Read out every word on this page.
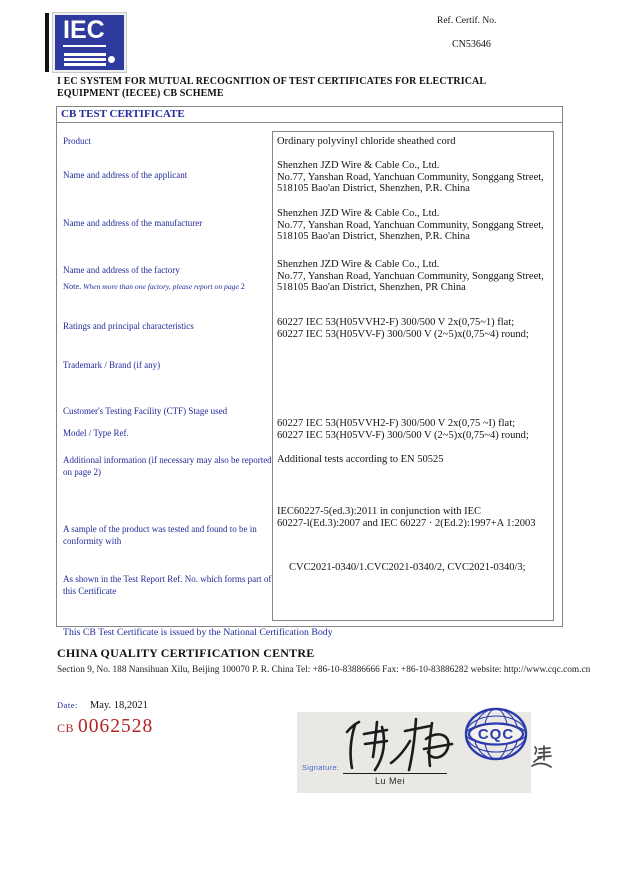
IEC	Ref. Certif. No.
CN53646
I EC SYSTEM FOR MUTUAL RECOGNITION OF TEST CERTIFICATES FOR ELECTRICAL EQUIPMENT (IECEE) CB SCHEME
CB TEST CERTIFICATE
Product
Name and address of the applicant
Name and address of the manufacturer
Name and address of the factory
Note. When more than one factory, please report on page 2
Ratings and principal characteristics
Trademark / Brand (if any)
Customer's Testing Facility (CTF) Stage used
Model / Type Ref.
Additional information (if necessary may also be reported on page 2)
A sample of the product was tested and found to be in conformity with
As shown in the Test Report Ref. No. which forms part of this Certificate
Ordinary polyvinyl chloride sheathed cord
Shenzhen JZD Wire & Cable Co., Ltd.
No.77, Yanshan Road, Yanchuan Community, Songgang Street,
518105 Bao'an District, Shenzhen, P.R. China
Shenzhen JZD Wire & Cable Co., Ltd.
No.77, Yanshan Road, Yanchuan Community, Songgang Street,
518105 Bao'an District, Shenzhen, P.R. China
Shenzhen JZD Wire & Cable Co., Ltd.
No.77, Yanshan Road, Yanchuan Community, Songgang Street,
518105 Bao'an District, Shenzhen, PR China
60227 IEC 53(H05VVH2-F) 300/500 V 2x(0,75~1) flat;
60227 IEC 53(H05VV-F) 300/500 V (2~5)x(0,75~4) round;
60227 IEC 53(H05VVH2-F) 300/500 V 2x(0,75 ~I) flat;
60227 IEC 53(H05VV-F) 300/500 V (2~5)x(0,75~4) round;
Additional tests according to EN 50525
IEC60227-5(ed.3):2011 in conjunction with IEC
60227-l(Ed.3):2007 and IEC 60227 · 2(Ed.2):1997+A 1:2003
CVC2021-0340/1.CVC2021-0340/2, CVC2021-0340/3;
This CB Test Certificate is issued by the National Certification Body
CHINA QUALITY CERTIFICATION CENTRE
Section 9, No. 188 Nansihuan Xilu, Beijing 100070 P. R. China Tel: +86-10-83886666 Fax: +86-10-83886282 website: http://www.cqc.com.cn
Date: May. 18,2021
CB 0062528
Signature:
Lu Mei
CQC
